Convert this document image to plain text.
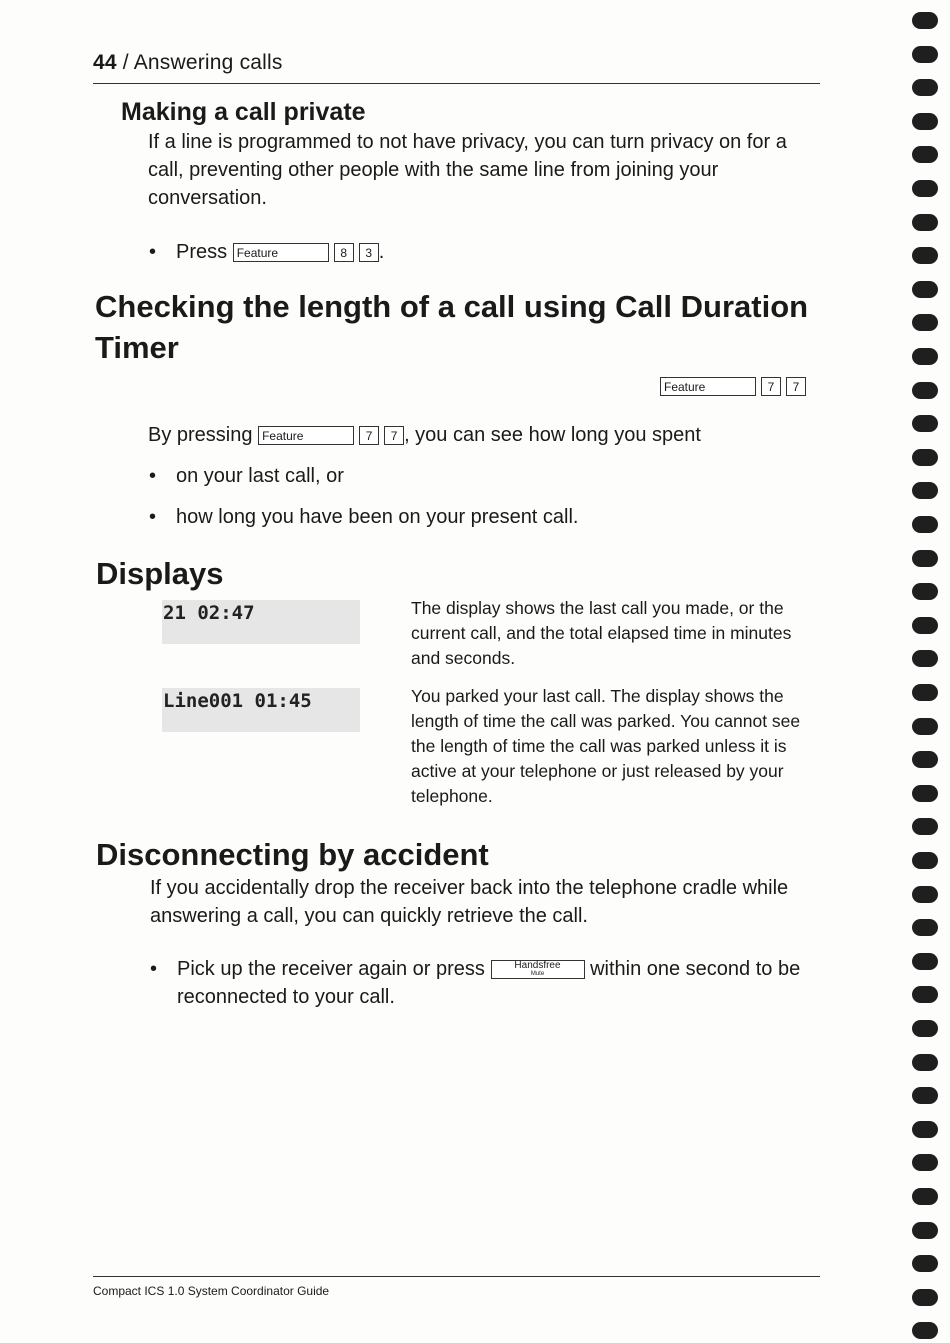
44 / Answering calls
Making a call private
If a line is programmed to not have privacy, you can turn privacy on for a call, preventing other people with the same line from joining your conversation.
• Press Feature	8 3 .
Checking the length of a call using Call Duration Timer
Feature	7 7
By pressing Feature	7 7 , you can see how long you spent
• on your last call, or
• how long you have been on your present call.
Displays
21 02:47	The display shows the last call you made, or the current call, and the total elapsed time in minutes and seconds.
Line001 01:45	You parked your last call. The display shows the length of time the call was parked. You cannot see the length of time the call was parked unless it is active at your telephone or just released by your telephone.
Disconnecting by accident
If you accidentally drop the receiver back into the telephone cradle while answering a call, you can quickly retrieve the call.
• Pick up the receiver again or press	Handsfree
Mute	within one second to be reconnected to your call.
Compact ICS 1.0 System Coordinator Guide
